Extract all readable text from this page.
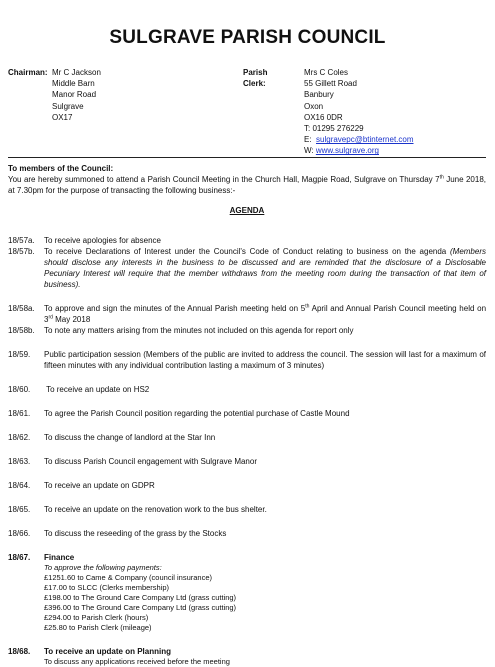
SULGRAVE PARISH COUNCIL
Chairman: Mr C Jackson
Middle Barn
Manor Road
Sulgrave
OX17
Parish Clerk:
Mrs C Coles
55 Gillett Road
Banbury
Oxon
OX16 0DR
T: 01295 276229
E:  sulgravepc@btinternet.com
W: www.sulgrave.org
To members of the Council:
You are hereby summoned to attend a Parish Council Meeting in the Church Hall, Magpie Road, Sulgrave on Thursday 7th June 2018, at 7.30pm for the purpose of transacting the following business:-
AGENDA
18/57a.	To receive apologies for absence
18/57b.	To receive Declarations of Interest under the Council's Code of Conduct relating to business on the agenda (Members should disclose any interests in the business to be discussed and are reminded that the disclosure of a Disclosable Pecuniary Interest will require that the member withdraws from the meeting room during the transaction of that item of business).
18/58a.	To approve and sign the minutes of the Annual Parish meeting held on 5th April and Annual Parish Council meeting held on  3rd May 2018
18/58b.	To note any matters arising from the minutes not included on this agenda for report only
18/59.	Public participation session (Members of the public are invited to address the council. The session will last for a maximum of fifteen minutes with any individual contribution lasting a maximum of 3 minutes)
18/60.	To receive an update on HS2
18/61.	To agree the Parish Council position regarding the potential purchase of Castle Mound
18/62.	To discuss the change of landlord at the Star Inn
18/63.	To discuss Parish Council engagement with Sulgrave Manor
18/64.	To receive an update on GDPR
18/65.	To receive an update on the renovation work to the bus shelter.
18/66.	To discuss the reseeding of the grass by the Stocks
18/67.	Finance
To approve the following payments:
£1251.60 to Came & Company (council insurance)
£17.00 to SLCC (Clerks membership)
£198.00 to The Ground Care Company Ltd (grass cutting)
£396.00 to The Ground Care Company Ltd (grass cutting)
£294.00 to Parish Clerk (hours)
£25.80 to Parish Clerk (mileage)
18/68.	To receive an update on Planning
To discuss any applications received before the meeting
